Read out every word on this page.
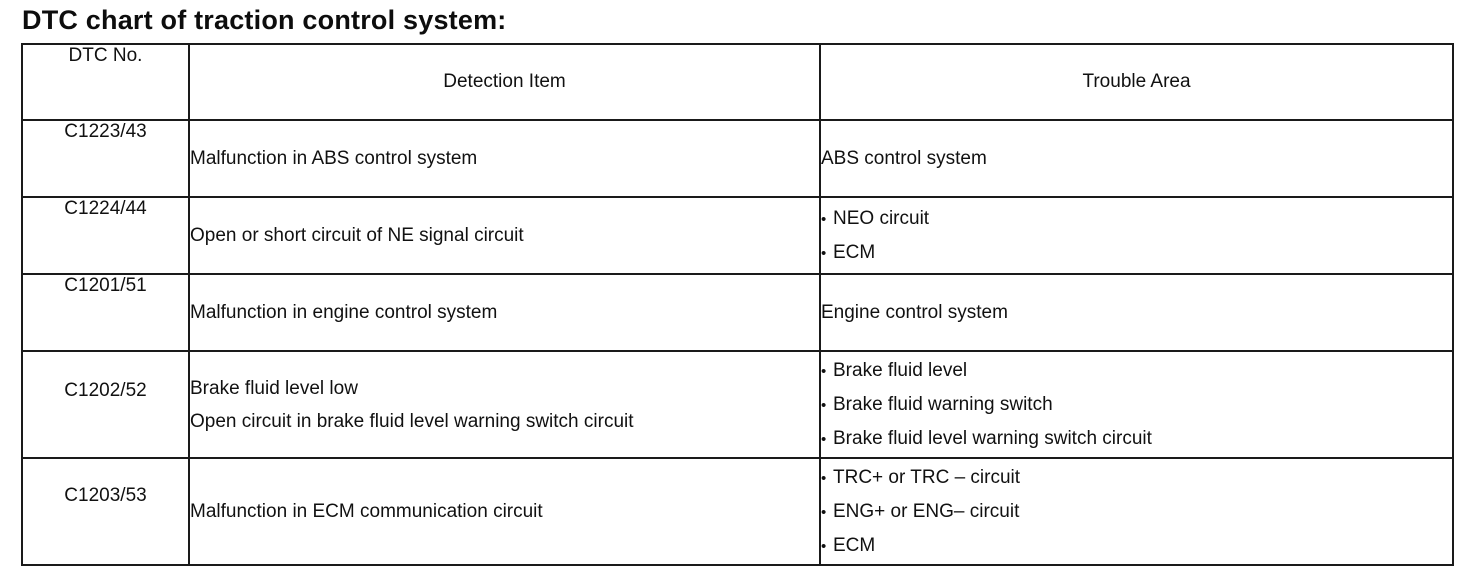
DTC chart of traction control system:
DTC No.	Detection Item	Trouble Area
C1223/43	Malfunction in ABS control system	ABS control system

C1224/44	Open or short circuit of NE signal circuit	• NEO circuit
• ECM

C1201/51	Malfunction in engine control system	Engine control system

C1202/52	Brake fluid level low
Open circuit in brake fluid level warning switch circuit	• Brake fluid level
• Brake fluid warning switch
• Brake fluid level warning switch circuit

C1203/53	Malfunction in ECM communication circuit	• TRC+ or TRC – circuit
• ENG+ or ENG– circuit
• ECM
